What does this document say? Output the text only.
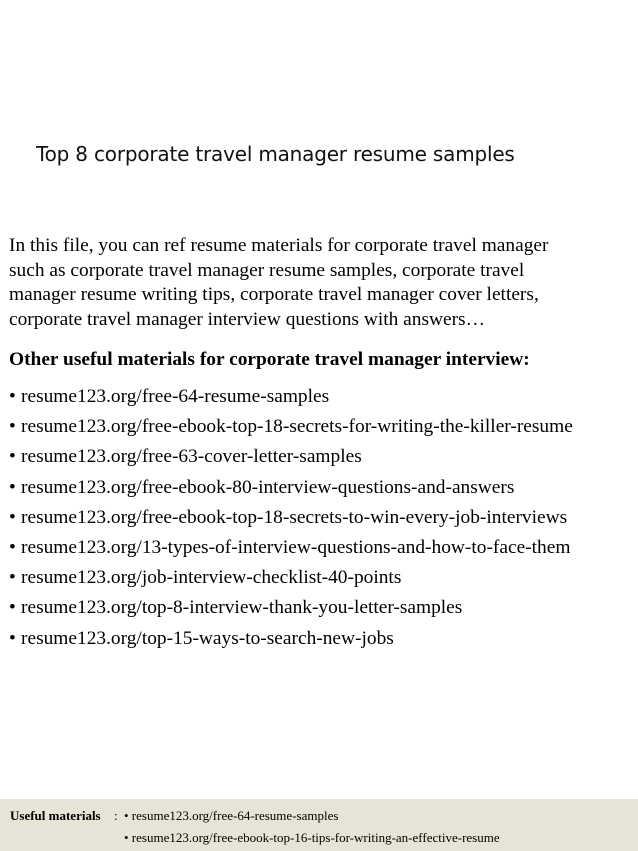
Top 8 corporate travel manager resume samples

In this file, you can ref resume materials for corporate travel manager
such as corporate travel manager resume samples, corporate travel
manager resume writing tips, corporate travel manager cover letters,
corporate travel manager interview questions with answers…

Other useful materials for corporate travel manager interview:
• resume123.org/free-64-resume-samples
• resume123.org/free-ebook-top-18-secrets-for-writing-the-killer-resume
• resume123.org/free-63-cover-letter-samples
• resume123.org/free-ebook-80-interview-questions-and-answers
• resume123.org/free-ebook-top-18-secrets-to-win-every-job-interviews
• resume123.org/13-types-of-interview-questions-and-how-to-face-them
• resume123.org/job-interview-checklist-40-points
• resume123.org/top-8-interview-thank-you-letter-samples
• resume123.org/top-15-ways-to-search-new-jobs
Useful materials : • resume123.org/free-64-resume-samples
• resume123.org/free-ebook-top-16-tips-for-writing-an-effective-resume
